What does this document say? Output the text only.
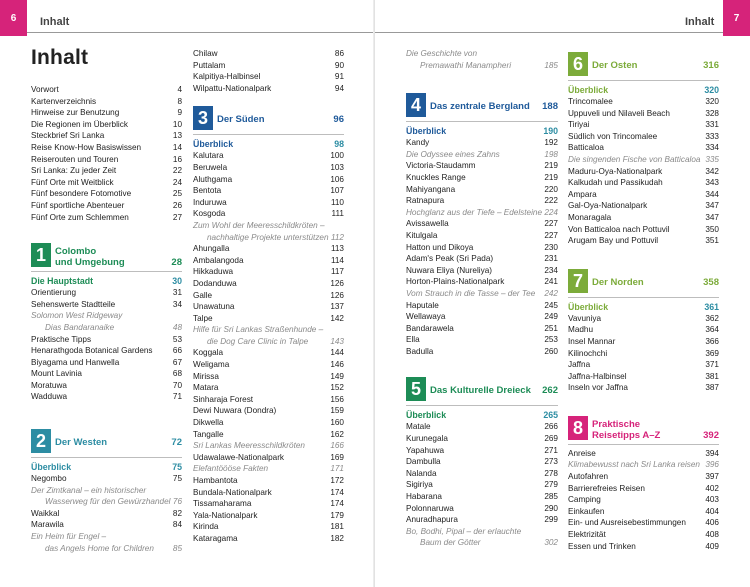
6	Inhalt
Inhalt
Vorwort	4
Kartenverzeichnis	8
Hinweise zur Benutzung	9
Die Regionen im Überblick	10
Steckbrief Sri Lanka	13
Reise Know-How Basiswissen	14
Reiserouten und Touren	16
Sri Lanka: Zu jeder Zeit	22
Fünf Orte mit Weitblick	24
Fünf besondere Fotomotive	25
Fünf sportliche Abenteuer	26
Fünf Orte zum Schlemmen	27
1 Colombo
und Umgebung	28
Die Hauptstadt	30
Orientierung	31
Sehenswerte Stadtteile	34
Solomon West Ridgeway
Dias Bandaranaike	48
Praktische Tipps	53
Henarathgoda Botanical Gardens 66
Biyagama und Hanwella	67
Mount Lavinia	68
Moratuwa	70
Wadduwa	71
2 Der Westen	72
Überblick	75
Negombo	75
Der Zimtkanal – ein historischer
Wasserweg für den Gewürzhandel 76
Waikkal	82
Marawila	84
Ein Heim für Engel –
das Angels Home for Children 85
Chilaw	86
Puttalam	90
Kalpitiya-Halbinsel	91
Wilpattu-Nationalpark	94
3 Der Süden	96
Überblick	98
Kalutara	100
Beruwela	103
Aluthgama	106
Bentota	107
Induruwa	110
Kosgoda	111
Zum Wohl der Meeresschildkröten –
nachhaltige Projekte unterstützen 112
Ahungalla	113
Ambalangoda	114
Hikkaduwa	117
Dodanduwa	126
Galle	126
Unawatuna	137
Talpe	142
Hilfe für Sri Lankas Straßenhunde –
die Dog Care Clinic in Talpe	143
Koggala	144
Weligama	146
Mirissa	149
Matara	152
Sinharaja Forest	156
Dewi Nuwara (Dondra)	159
Dikwella	160
Tangalle	162
Sri Lankas Meeresschildkröten	166
Udawalawe-Nationalpark	169
Elefantöööse Fakten	171
Hambantota	172
Bundala-Nationalpark	174
Tissamaharama	174
Yala-Nationalpark	179
Kirinda	181
Kataragama	182
Inhalt	7
Die Geschichte von
Premawathi Manampheri	185
4 Das zentrale Bergland 188
Überblick	190
Kandy	192
Die Odyssee eines Zahns	198
Victoria-Staudamm	219
Knuckles Range	219
Mahiyangana	220
Ratnapura	222
Hochglanz aus der Tiefe – Edelsteine 224
Avissawella	227
Kitulgala	227
Hatton und Dikoya	230
Adam's Peak (Sri Pada)	231
Nuwara Eliya (Nureliya)	234
Horton-Plains-Nationalpark	241
Vom Strauch in die Tasse – der Tee 242
Haputale	245
Wellawaya	249
Bandarawela	251
Ella	253
Badulla	260
5 Das Kulturelle Dreieck 262
Überblick	265
Matale	266
Kurunegala	269
Yapahuwa	271
Dambulla	273
Nalanda	278
Sigiriya	279
Habarana	285
Polonnaruwa	290
Anuradhapura	299
Bo, Bodhi, Pipal – der erlauchte
Baum der Götter	302
6 Der Osten	316
Überblick	320
Trincomalee	320
Uppuveli und Nilaveli Beach	328
Tiriyai	331
Südlich von Trincomalee	333
Batticaloa	334
Die singenden Fische von Batticaloa 335
Maduru-Oya-Nationalpark	342
Kalkudah und Passikudah	343
Ampara	344
Gal-Oya-Nationalpark	347
Monaragala	347
Von Batticaloa nach Pottuvil	350
Arugam Bay und Pottuvil	351
7 Der Norden	358
Überblick	361
Vavuniya	362
Madhu	364
Insel Mannar	366
Kilinochchi	369
Jaffna	371
Jaffna-Halbinsel	381
Inseln vor Jaffna	387
8 Praktische
Reisetipps A–Z	392
Anreise	394
Klimabewusst nach Sri Lanka reisen 396
Autofahren	397
Barrierefreies Reisen	402
Camping	403
Einkaufen	404
Ein- und Ausreisebestimmungen 406
Elektrizität	408
Essen und Trinken	409
